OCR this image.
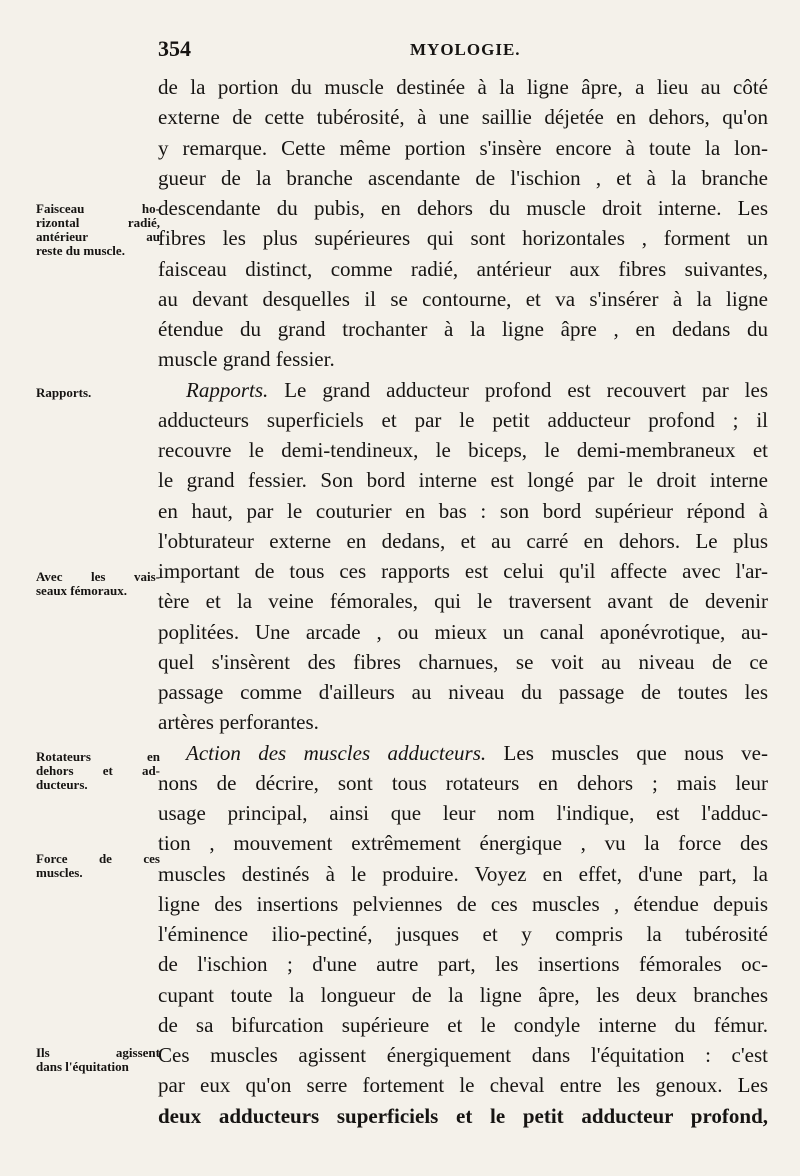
354	MYOLOGIE.
Faisceau ho-
rizontal radié,
antérieur au
reste du muscle.
Rapports.
Avec les vais-
seaux fémoraux.
Rotateurs en
dehors et ad-
ducteurs.
Force de ces
muscles.
Ils agissent
dans l'équitation
de la portion du muscle destinée à la ligne âpre, a lieu au côté
externe de cette tubérosité, à une saillie déjetée en dehors, qu'on
y remarque. Cette même portion s'insère encore à toute la lon-
gueur de la branche ascendante de l'ischion , et à la branche
descendante du pubis, en dehors du muscle droit interne. Les
fibres les plus supérieures qui sont horizontales , forment un
faisceau distinct, comme radié, antérieur aux fibres suivantes,
au devant desquelles il se contourne, et va s'insérer à la ligne
étendue du grand trochanter à la ligne âpre , en dedans du
muscle grand fessier.
Rapports. Le grand adducteur profond est recouvert par les
adducteurs superficiels et par le petit adducteur profond ; il
recouvre le demi-tendineux, le biceps, le demi-membraneux et
le grand fessier. Son bord interne est longé par le droit interne
en haut, par le couturier en bas : son bord supérieur répond à
l'obturateur externe en dedans, et au carré en dehors. Le plus
important de tous ces rapports est celui qu'il affecte avec l'ar-
tère et la veine fémorales, qui le traversent avant de devenir
poplitées. Une arcade , ou mieux un canal aponévrotique, au-
quel s'insèrent des fibres charnues, se voit au niveau de ce
passage comme d'ailleurs au niveau du passage de toutes les
artères perforantes.
Action des muscles adducteurs. Les muscles que nous ve-
nons de décrire, sont tous rotateurs en dehors ; mais leur
usage principal, ainsi que leur nom l'indique, est l'adduc-
tion , mouvement extrêmement énergique , vu la force des
muscles destinés à le produire. Voyez en effet, d'une part, la
ligne des insertions pelviennes de ces muscles , étendue depuis
l'éminence ilio-pectiné, jusques et y compris la tubérosité
de l'ischion ; d'une autre part, les insertions fémorales oc-
cupant toute la longueur de la ligne âpre, les deux branches
de sa bifurcation supérieure et le condyle interne du fémur.
Ces muscles agissent énergiquement dans l'équitation : c'est
par eux qu'on serre fortement le cheval entre les genoux. Les
deux adducteurs superficiels et le petit adducteur profond,
